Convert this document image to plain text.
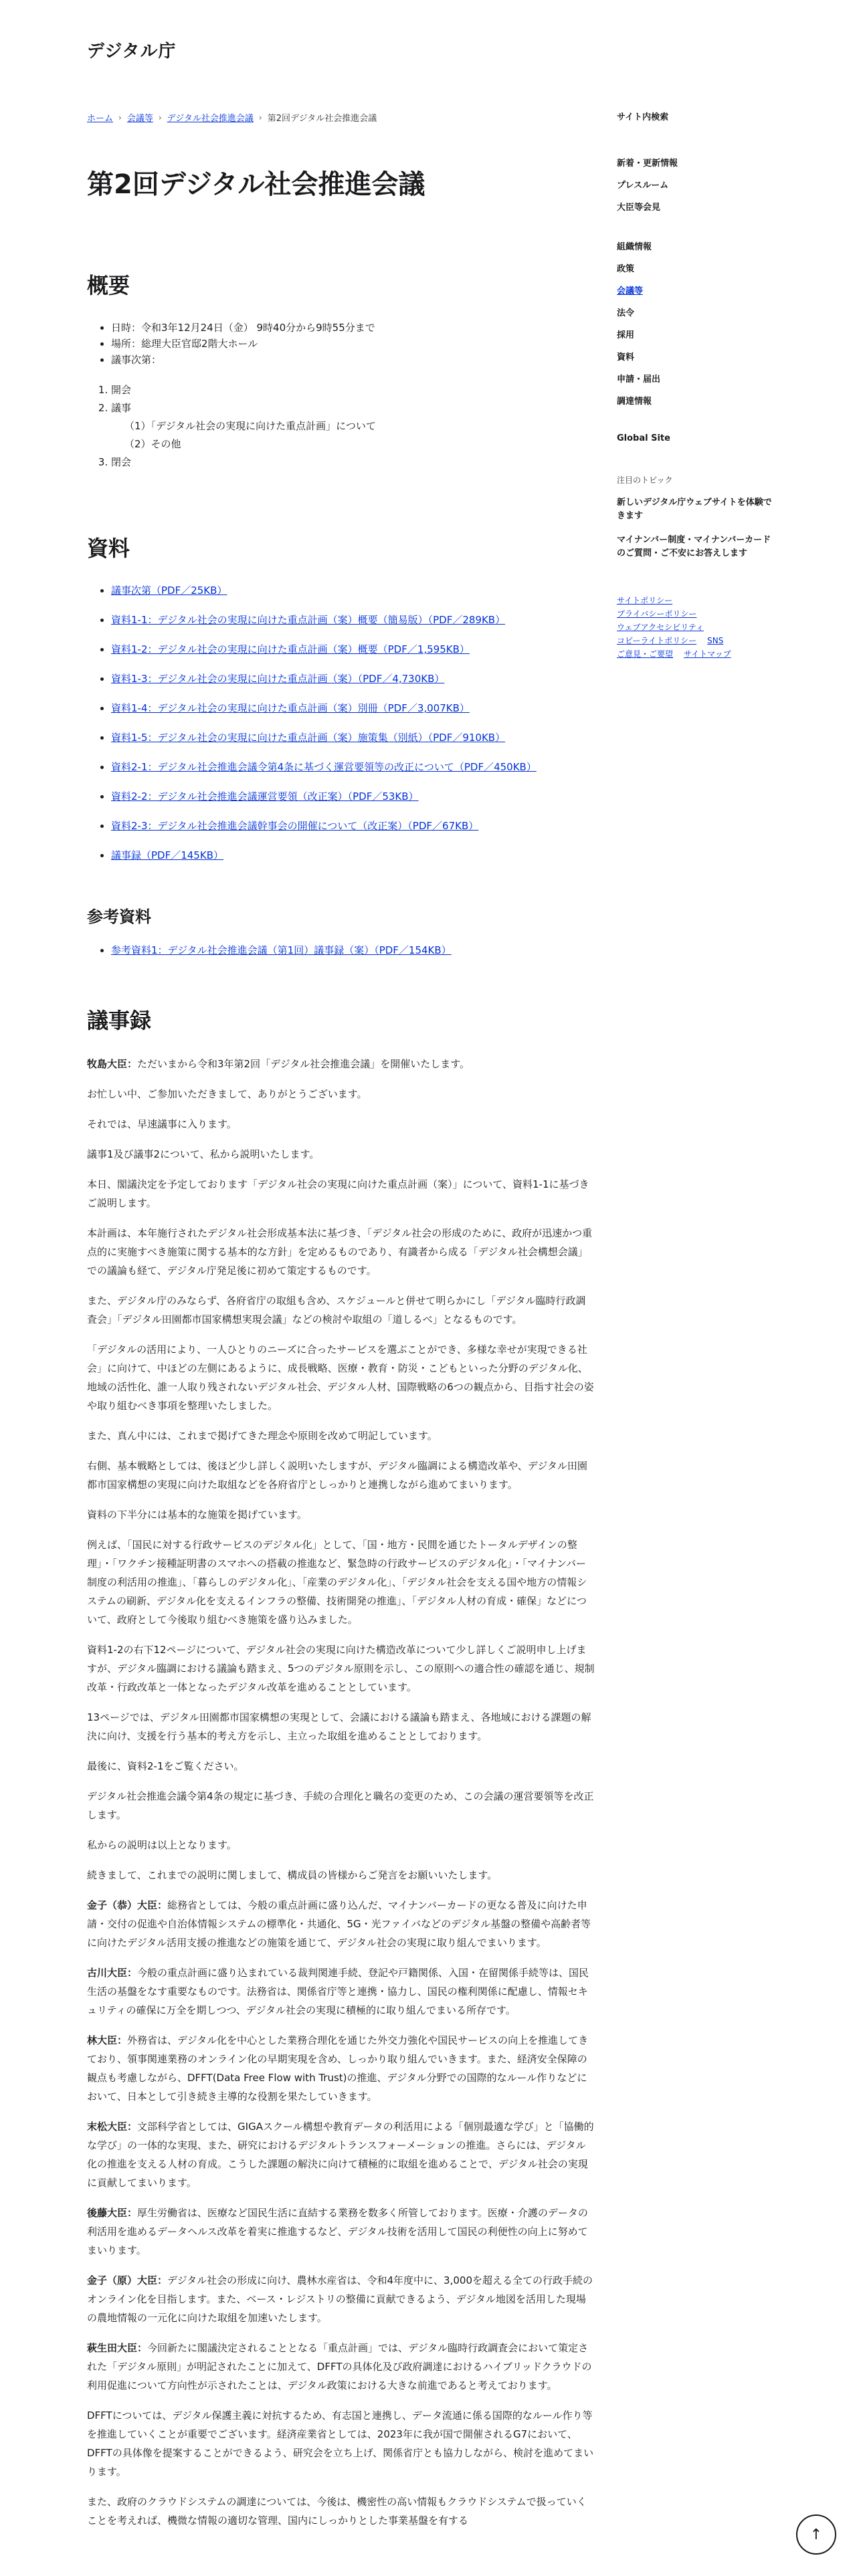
デジタル庁
ホーム › 会議等 › デジタル社会推進会議 › 第2回デジタル社会推進会議
第2回デジタル社会推進会議
概要
• 日時：令和3年12月24日（金） 9時40分から9時55分まで
• 場所：総理大臣官邸2階大ホール
• 議事次第：
1. 開会
2. 議事
（1）「デジタル社会の実現に向けた重点計画」について
（2）その他
3. 閉会
資料
• 議事次第（PDF／25KB）
• 資料1-1：デジタル社会の実現に向けた重点計画（案）概要（簡易版）（PDF／289KB）
• 資料1-2：デジタル社会の実現に向けた重点計画（案）概要（PDF／1,595KB）
• 資料1-3：デジタル社会の実現に向けた重点計画（案）（PDF／4,730KB）
• 資料1-4：デジタル社会の実現に向けた重点計画（案）別冊（PDF／3,007KB）
• 資料1-5：デジタル社会の実現に向けた重点計画（案）施策集（別紙）（PDF／910KB）
• 資料2-1：デジタル社会推進会議令第4条に基づく運営要領等の改正について（PDF／450KB）
• 資料2-2：デジタル社会推進会議運営要領（改正案）（PDF／53KB）
• 資料2-3：デジタル社会推進会議幹事会の開催について（改正案）（PDF／67KB）
• 議事録（PDF／145KB）
参考資料
• 参考資料1：デジタル社会推進会議（第1回）議事録（案）（PDF／154KB）
議事録

牧島大臣：ただいまから令和3年第2回「デジタル社会推進会議」を開催いたします。

お忙しい中、ご参加いただきまして、ありがとうございます。

それでは、早速議事に入ります。

議事1及び議事2について、私から説明いたします。

本日、閣議決定を予定しております「デジタル社会の実現に向けた重点計画（案）」について、資料1-1に基づきご説明します。

本計画は、本年施行されたデジタル社会形成基本法に基づき、「デジタル社会の形成のために、政府が迅速かつ重点的に実施すべき施策に関する基本的な方針」を定めるものであり、有識者から成る「デジタル社会構想会議」での議論も経て、デジタル庁発足後に初めて策定するものです。

また、デジタル庁のみならず、各府省庁の取組も含め、スケジュールと併せて明らかにし「デジタル臨時行政調査会」「デジタル田園都市国家構想実現会議」などの検討や取組の「道しるべ」となるものです。

「デジタルの活用により、一人ひとりのニーズに合ったサービスを選ぶことができ、多様な幸せが実現できる社会」に向けて、中ほどの左側にあるように、成長戦略、医療・教育・防災・こどもといった分野のデジタル化、地域の活性化、誰一人取り残されないデジタル社会、デジタル人材、国際戦略の6つの観点から、目指す社会の姿や取り組むべき事項を整理いたしました。

また、真ん中には、これまで掲げてきた理念や原則を改めて明記しています。

右側、基本戦略としては、後ほど少し詳しく説明いたしますが、デジタル臨調による構造改革や、デジタル田園都市国家構想の実現に向けた取組などを各府省庁としっかりと連携しながら進めてまいります。

資料の下半分には基本的な施策を掲げています。

例えば、「国民に対する行政サービスのデジタル化」として、「国・地方・民間を通じたトータルデザインの整理」・「ワクチン接種証明書のスマホへの搭載の推進など、緊急時の行政サービスのデジタル化」・「マイナンバー制度の利活用の推進」、「暮らしのデジタル化」、「産業のデジタル化」、「デジタル社会を支える国や地方の情報システムの刷新、デジタル化を支えるインフラの整備、技術開発の推進」、「デジタル人材の育成・確保」などについて、政府として今後取り組むべき施策を盛り込みました。

資料1-2の右下12ページについて、デジタル社会の実現に向けた構造改革について少し詳しくご説明申し上げますが、デジタル臨調における議論も踏まえ、5つのデジタル原則を示し、この原則への適合性の確認を通じ、規制改革・行政改革と一体となったデジタル改革を進めることとしています。

13ページでは、デジタル田園都市国家構想の実現として、会議における議論も踏まえ、各地域における課題の解決に向け、支援を行う基本的考え方を示し、主立った取組を進めることとしております。

最後に、資料2-1をご覧ください。

デジタル社会推進会議令第4条の規定に基づき、手続の合理化と職名の変更のため、この会議の運営要領等を改正します。

私からの説明は以上となります。

続きまして、これまでの説明に関しまして、構成員の皆様からご発言をお願いいたします。

金子（恭）大臣：総務省としては、今般の重点計画に盛り込んだ、マイナンバーカードの更なる普及に向けた申請・交付の促進や自治体情報システムの標準化・共通化、5G・光ファイバなどのデジタル基盤の整備や高齢者等に向けたデジタル活用支援の推進などの施策を通じて、デジタル社会の実現に取り組んでまいります。

古川大臣：今般の重点計画に盛り込まれている裁判関連手続、登記や戸籍関係、入国・在留関係手続等は、国民生活の基盤をなす重要なものです。法務省は、関係省庁等と連携・協力し、国民の権利関係に配慮し、情報セキュリティの確保に万全を期しつつ、デジタル社会の実現に積極的に取り組んでまいる所存です。

林大臣：外務省は、デジタル化を中心とした業務合理化を通じた外交力強化や国民サービスの向上を推進してきており、領事関連業務のオンライン化の早期実現を含め、しっかり取り組んでいきます。また、経済安全保障の観点も考慮しながら、DFFT(Data Free Flow with Trust)の推進、デジタル分野での国際的なルール作りなどにおいて、日本として引き続き主導的な役割を果たしていきます。

末松大臣：文部科学省としては、GIGAスクール構想や教育データの利活用による「個別最適な学び」と「協働的な学び」の一体的な実現、また、研究におけるデジタルトランスフォーメーションの推進。さらには、デジタル化の推進を支える人材の育成。こうした課題の解決に向けて積極的に取組を進めることで、デジタル社会の実現に貢献してまいります。

後藤大臣：厚生労働省は、医療など国民生活に直結する業務を数多く所管しております。医療・介護のデータの利活用を進めるデータヘルス改革を着実に推進するなど、デジタル技術を活用して国民の利便性の向上に努めてまいります。

金子（原）大臣：デジタル社会の形成に向け、農林水産省は、令和4年度中に、3,000を超える全ての行政手続のオンライン化を目指します。また、ベース・レジストリの整備に貢献できるよう、デジタル地図を活用した現場の農地情報の一元化に向けた取組を加速いたします。

萩生田大臣：今回新たに閣議決定されることとなる「重点計画」では、デジタル臨時行政調査会において策定された「デジタル原則」が明記されたことに加えて、DFFTの具体化及び政府調達におけるハイブリッドクラウドの利用促進について方向性が示されたことは、デジタル政策における大きな前進であると考えております。

DFFTについては、デジタル保護主義に対抗するため、有志国と連携し、データ流通に係る国際的なルール作り等を推進していくことが重要でございます。経済産業省としては、2023年に我が国で開催されるG7において、DFFTの具体像を提案することができるよう、研究会を立ち上げ、関係省庁とも協力しながら、検討を進めてまいります。

また、政府のクラウドシステムの調達については、今後は、機密性の高い情報もクラウドシステムで扱っていくことを考えれば、機微な情報の適切な管理、国内にしっかりとした事業基盤を有する

サイト内検索
新着・更新情報
プレスルーム
大臣等会見
組織情報
政策
会議等
法令
採用
資料
申請・届出
調達情報
Global Site
注目のトピック
新しいデジタル庁ウェブサイトを体験できます
マイナンバー制度・マイナンバーカードのご質問・ご不安にお答えします
サイトポリシー
プライバシーポリシー
ウェブアクセシビリティ
コピーライトポリシー SNS
ご意見・ご要望 サイトマップ
↑
